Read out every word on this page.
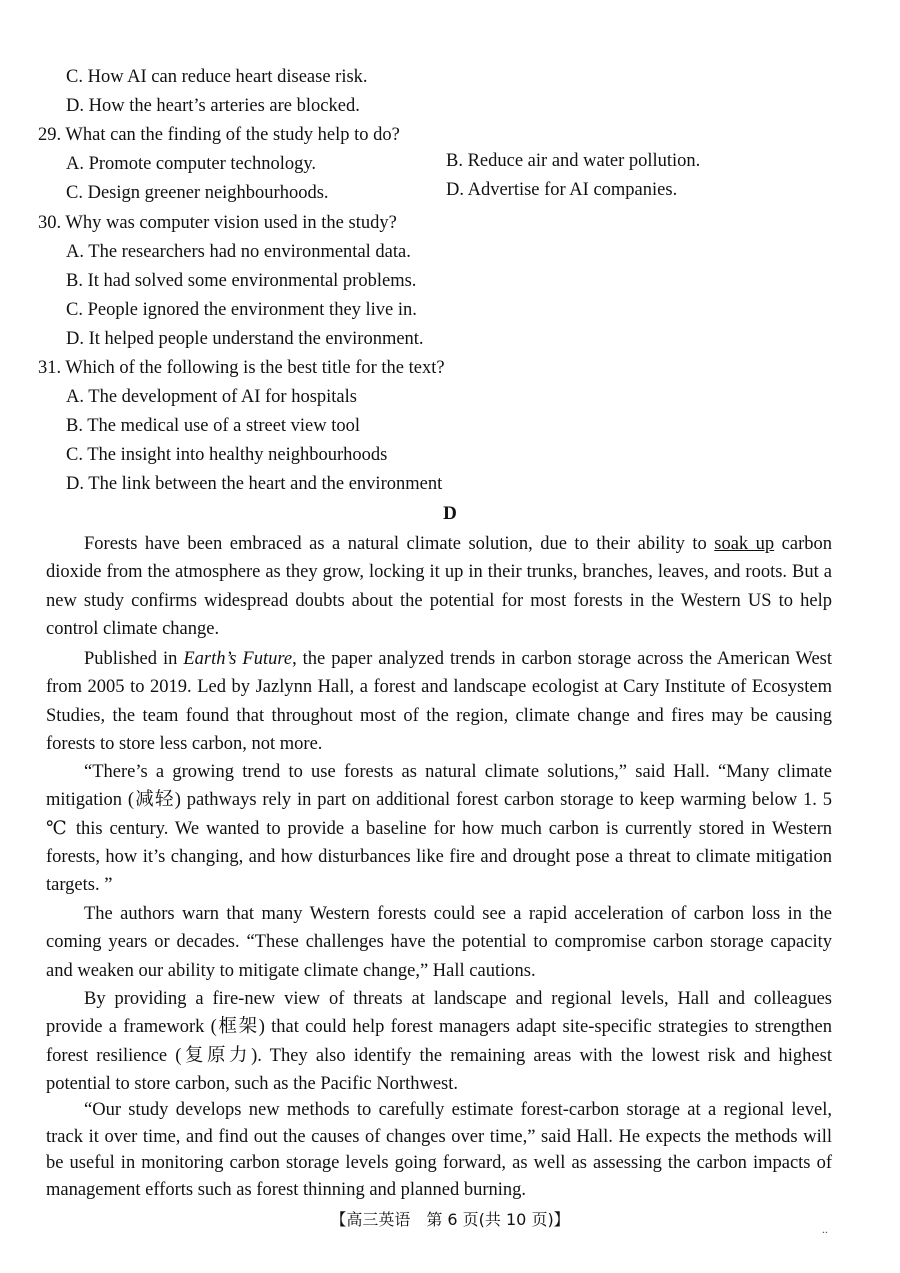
C. How AI can reduce heart disease risk.
D. How the heart’s arteries are blocked.
29. What can the finding of the study help to do?
A. Promote computer technology.	B. Reduce air and water pollution.
C. Design greener neighbourhoods.	D. Advertise for AI companies.
30. Why was computer vision used in the study?
A. The researchers had no environmental data.
B. It had solved some environmental problems.
C. People ignored the environment they live in.
D. It helped people understand the environment.
31. Which of the following is the best title for the text?
A. The development of AI for hospitals
B. The medical use of a street view tool
C. The insight into healthy neighbourhoods
D. The link between the heart and the environment
D
Forests have been embraced as a natural climate solution, due to their ability to soak up carbon dioxide from the atmosphere as they grow, locking it up in their trunks, branches, leaves, and roots. But a new study confirms widespread doubts about the potential for most forests in the Western US to help control climate change.
Published in Earth’s Future, the paper analyzed trends in carbon storage across the American West from 2005 to 2019. Led by Jazlynn Hall, a forest and landscape ecologist at Cary Institute of Ecosystem Studies, the team found that throughout most of the region, climate change and fires may be causing forests to store less carbon, not more.
“There’s a growing trend to use forests as natural climate solutions,” said Hall. “Many climate mitigation (减轻) pathways rely in part on additional forest carbon storage to keep warming below 1. 5 ℃ this century. We wanted to provide a baseline for how much carbon is currently stored in Western forests, how it’s changing, and how disturbances like fire and drought pose a threat to climate mitigation targets. ”
The authors warn that many Western forests could see a rapid acceleration of carbon loss in the coming years or decades. “These challenges have the potential to compromise carbon storage capacity and weaken our ability to mitigate climate change,” Hall cautions.
By providing a fire-new view of threats at landscape and regional levels, Hall and colleagues provide a framework (框架) that could help forest managers adapt site-specific strategies to strengthen forest resilience (复原力). They also identify the remaining areas with the lowest risk and highest potential to store carbon, such as the Pacific Northwest.
“Our study develops new methods to carefully estimate forest-carbon storage at a regional level, track it over time, and find out the causes of changes over time,” said Hall. He expects the methods will be useful in monitoring carbon storage levels going forward, as well as assessing the carbon impacts of management efforts such as forest thinning and planned burning.
【高三英语　第 6 页(共 10 页)】	..
